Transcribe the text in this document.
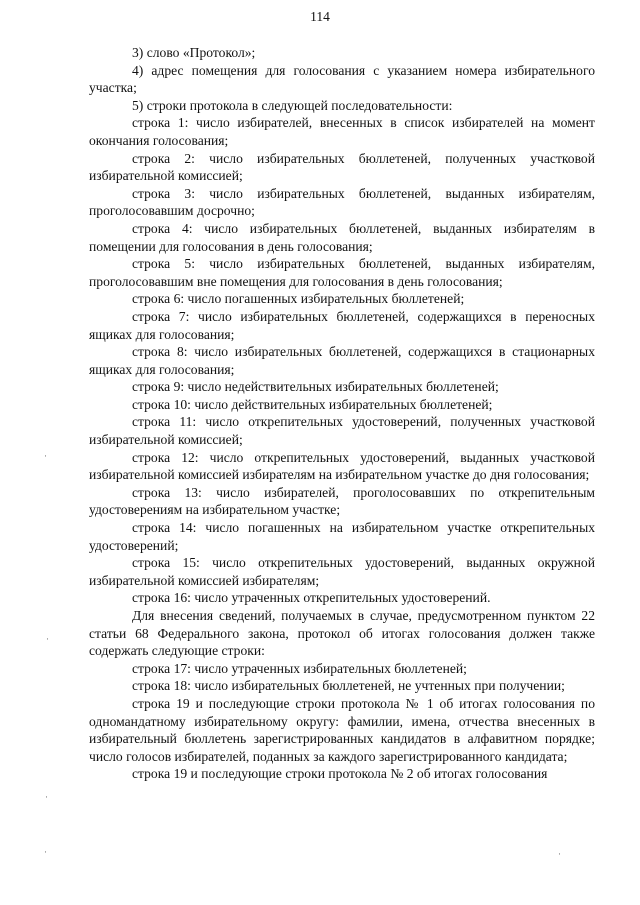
114

3) слово «Протокол»;

4) адрес помещения для голосования с указанием номера избирательного участка;

5) строки протокола в следующей последовательности:

строка 1: число избирателей, внесенных в список избирателей на момент окончания голосования;

строка 2: число избирательных бюллетеней, полученных участковой избирательной комиссией;

строка 3: число избирательных бюллетеней, выданных избирателям, проголосовавшим досрочно;

строка 4: число избирательных бюллетеней, выданных избирателям в помещении для голосования в день голосования;

строка 5: число избирательных бюллетеней, выданных избирателям, проголосовавшим вне помещения для голосования в день голосования;

строка 6: число погашенных избирательных бюллетеней;

строка 7: число избирательных бюллетеней, содержащихся в переносных ящиках для голосования;

строка 8: число избирательных бюллетеней, содержащихся в стационарных ящиках для голосования;

строка 9: число недействительных избирательных бюллетеней;

строка 10: число действительных избирательных бюллетеней;

строка 11: число открепительных удостоверений, полученных участковой избирательной комиссией;

строка 12: число открепительных удостоверений, выданных участковой избирательной комиссией избирателям на избирательном участке до дня голосования;

строка 13: число избирателей, проголосовавших по открепительным удостоверениям на избирательном участке;

строка 14: число погашенных на избирательном участке открепительных удостоверений;

строка 15: число открепительных удостоверений, выданных окружной избирательной комиссией избирателям;

строка 16: число утраченных открепительных удостоверений.

Для внесения сведений, получаемых в случае, предусмотренном пунктом 22 статьи 68 Федерального закона, протокол об итогах голосования должен также содержать следующие строки:

строка 17: число утраченных избирательных бюллетеней;

строка 18: число избирательных бюллетеней, не учтенных при получении;

строка 19 и последующие строки протокола № 1 об итогах голосования по одномандатному избирательному округу: фамилии, имена, отчества внесенных в избирательный бюллетень зарегистрированных кандидатов в алфавитном порядке; число голосов избирателей, поданных за каждого зарегистрированного кандидата;

строка 19 и последующие строки протокола № 2 об итогах голосования

·
·
·
·	·
